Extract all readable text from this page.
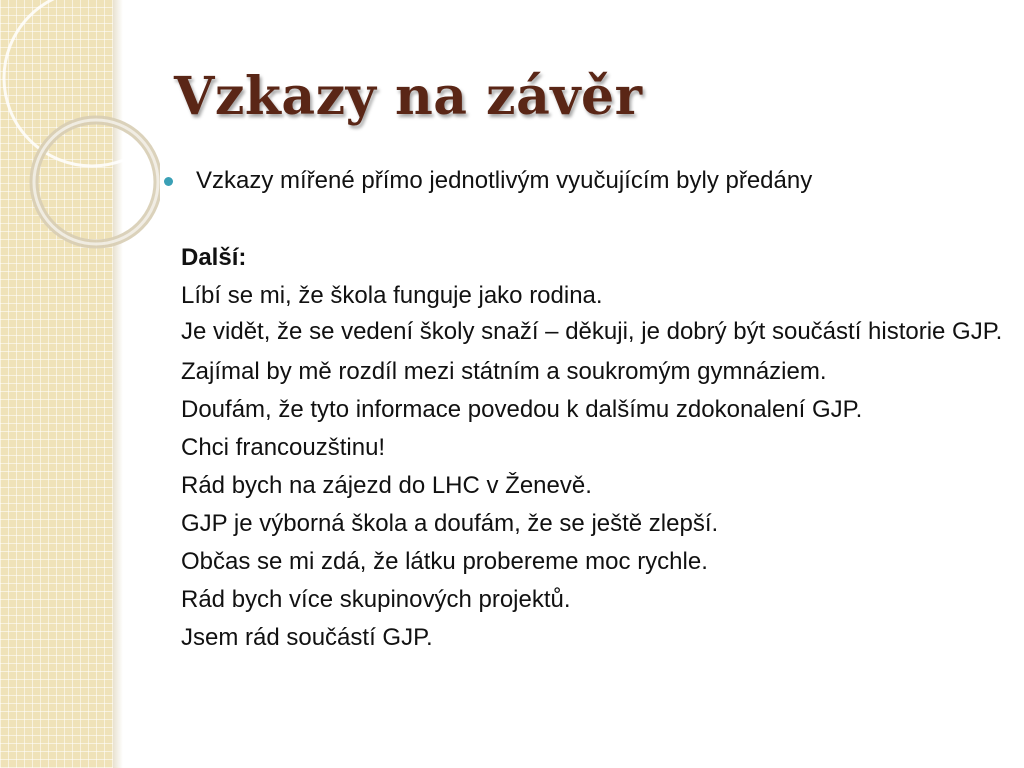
Vzkazy na závěr
Vzkazy mířené přímo jednotlivým vyučujícím byly předány
Další:
Líbí se mi, že škola funguje jako rodina.
Je vidět, že se vedení školy snaží – děkuji, je dobrý být součástí historie GJP.
Zajímal by mě rozdíl mezi státním a soukromým gymnáziem.
Doufám, že tyto informace povedou k dalšímu zdokonalení GJP.
Chci francouzštinu!
Rád bych na zájezd do LHC v Ženevě.
GJP je výborná škola a doufám, že se ještě zlepší.
Občas se mi zdá, že látku probereme moc rychle.
Rád bych více skupinových projektů.
Jsem rád součástí GJP.
